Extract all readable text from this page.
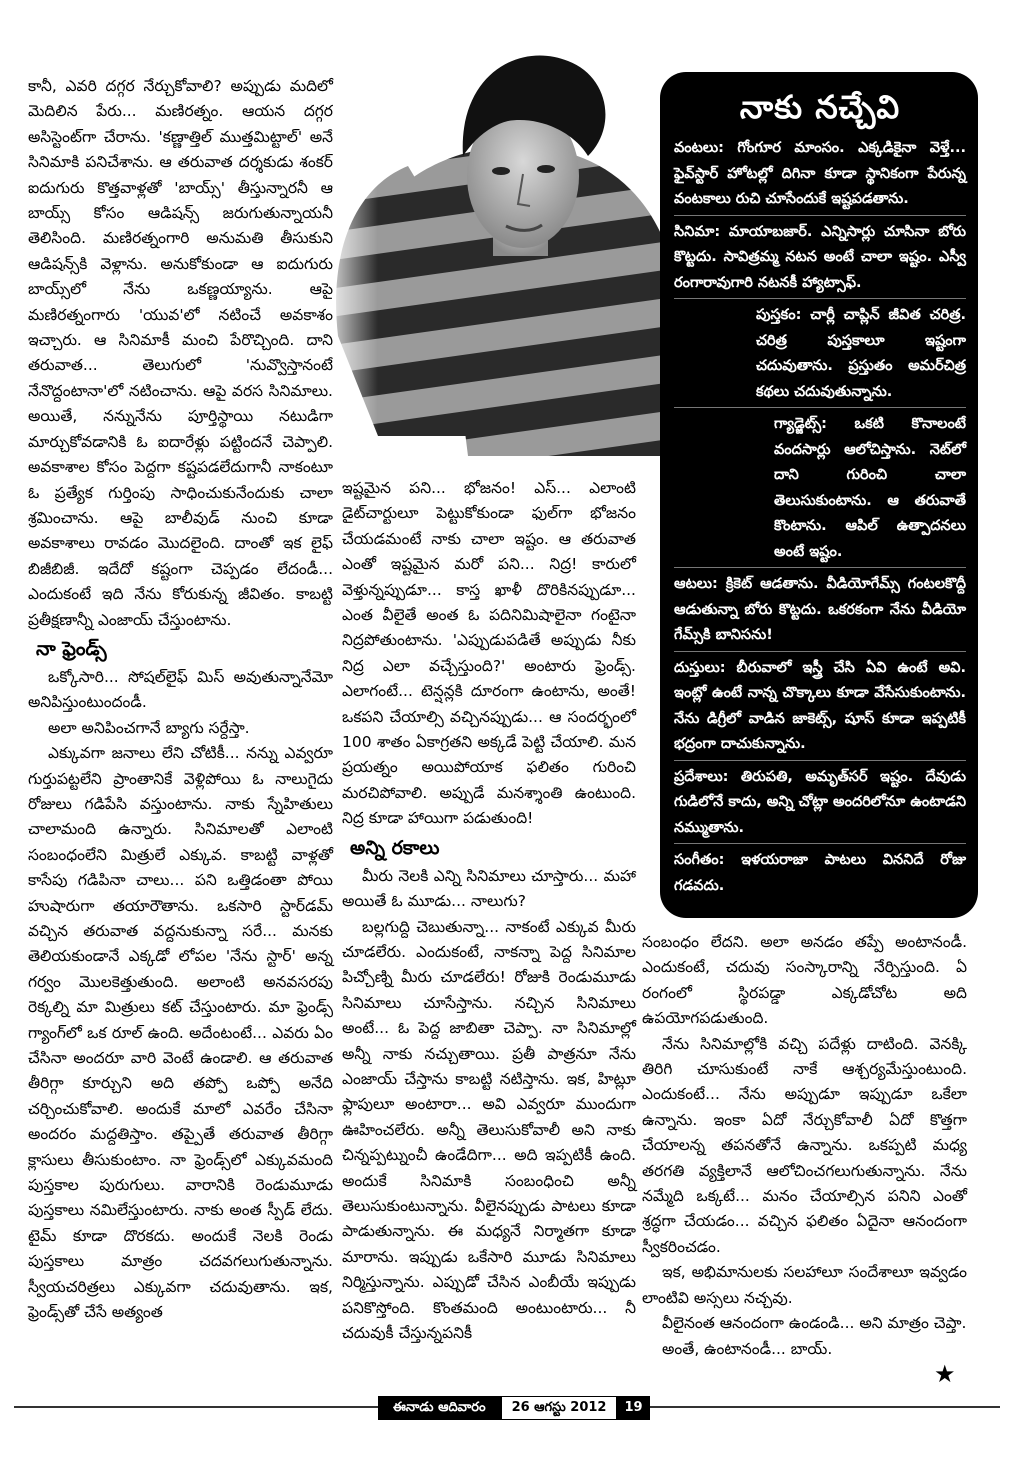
నాకు నచ్చేవి
వంటలు: గోంగూర మాంసం. ఎక్కడికైనా వెళ్తే... ఫైవ్‌స్టార్ హోటల్లో దిగినా కూడా స్థానికంగా పేరున్న వంటకాలు రుచి చూసేందుకే ఇష్టపడతాను.
సినిమా: మాయాబజార్. ఎన్నిసార్లు చూసినా బోరు కొట్టదు. సావిత్రమ్మ నటన అంటే చాలా ఇష్టం. ఎస్వీ రంగారావుగారి నటనకీ హ్యాట్సాఫ్.
పుస్తకం: చార్లీ చాప్లిన్ జీవిత చరిత్ర. చరిత్ర పుస్తకాలూ ఇష్టంగా చదువుతాను. ప్రస్తుతం అమర్‌చిత్ర కథలు చదువుతున్నాను.
గ్యాడ్జెట్స్: ఒకటి కొనాలంటే వందసార్లు ఆలోచిస్తాను. నెట్‌లో దాని గురించి చాలా తెలుసుకుంటాను. ఆ తరువాతే కొంటాను. ఆపిల్ ఉత్పాదనలు అంటే ఇష్టం.
ఆటలు: క్రికెట్ ఆడతాను. వీడియోగేమ్స్ గంటలకొద్దీ ఆడుతున్నా బోరు కొట్టదు. ఒకరకంగా నేను వీడియో గేమ్స్‌కి బానిసను!
దుస్తులు: బీరువాలో ఇస్త్రీ చేసి ఏవి ఉంటే అవి. ఇంట్లో ఉంటే నాన్న చొక్కాలు కూడా వేసేసుకుంటాను. నేను డిగ్రీలో వాడిన జాకెట్స్, షూస్ కూడా ఇప్పటికీ భద్రంగా దాచుకున్నాను.
ప్రదేశాలు: తిరుపతి, అమృత్‌సర్ ఇష్టం. దేవుడు గుడిలోనే కాదు, అన్ని చోట్లా అందరిలోనూ ఉంటాడని నమ్ముతాను.
సంగీతం: ఇళయరాజా పాటలు విననిదే రోజు గడవదు.

కానీ, ఎవరి దగ్గర నేర్చుకోవాలి? అప్పుడు మదిలో మెదిలిన పేరు... మణిరత్నం. ఆయన దగ్గర అసిస్టెంట్‌గా చేరాను. 'కణ్ణాత్తిల్ ముత్తమిట్టాల్' అనే సినిమాకి పనిచేశాను. ఆ తరువాత దర్శకుడు శంకర్ ఐదుగురు కొత్తవాళ్లతో 'బాయ్స్' తీస్తున్నారనీ ఆ బాయ్స్ కోసం ఆడిషన్స్ జరుగుతున్నాయనీ తెలిసింది. మణిరత్నంగారి అనుమతి తీసుకుని ఆడిషన్స్‌కి వెళ్లాను. అనుకోకుండా ఆ ఐదుగురు బాయ్స్‌లో నేను ఒకణ్ణయ్యాను. ఆపై మణిరత్నంగారు 'యువ'లో నటించే అవకాశం ఇచ్చారు. ఆ సినిమాకీ మంచి పేరొచ్చింది. దాని తరువాత... తెలుగులో 'నువ్వొస్తానంటే నేనొద్దంటానా'లో నటించాను. ఆపై వరస సినిమాలు. అయితే, నన్నునేను పూర్తిస్థాయి నటుడిగా మార్చుకోవడానికి ఓ ఐదారేళ్లు పట్టిందనే చెప్పాలి. అవకాశాల కోసం పెద్దగా కష్టపడలేదుగానీ నాకంటూ ఓ ప్రత్యేక గుర్తింపు సాధించుకునేందుకు చాలా శ్రమించాను. ఆపై బాలీవుడ్ నుంచి కూడా అవకాశాలు రావడం మొదలైంది. దాంతో ఇక లైఫ్ బిజీబిజీ. ఇదేదో కష్టంగా చెప్పడం లేదండీ... ఎందుకంటే ఇది నేను కోరుకున్న జీవితం. కాబట్టి ప్రతీక్షణాన్నీ ఎంజాయ్ చేస్తుంటాను.

నా ఫ్రెండ్స్

ఒక్కోసారి... సోషల్‌లైఫ్ మిస్ అవుతున్నానేమో అనిపిస్తుంటుందండీ.

అలా అనిపించగానే బ్యాగు సర్దేస్తా.

ఎక్కువగా జనాలు లేని చోటికీ... నన్ను ఎవ్వరూ గుర్తుపట్టలేని ప్రాంతానికే వెళ్లిపోయి ఓ నాలుగైదు రోజులు గడిపేసి వస్తుంటాను. నాకు స్నేహితులు చాలామంది ఉన్నారు. సినిమాలతో ఎలాంటి సంబంధంలేని మిత్రులే ఎక్కువ. కాబట్టి వాళ్లతో కాసేపు గడిపినా చాలు... పని ఒత్తిడంతా పోయి హుషారుగా తయారౌతాను. ఒకసారి స్టార్‌డమ్ వచ్చిన తరువాత వద్దనుకున్నా సరే... మనకు తెలియకుండానే ఎక్కడో లోపల 'నేను స్టార్' అన్న గర్వం మొలకెత్తుతుంది. అలాంటి అనవసరపు రెక్కల్ని మా మిత్రులు కట్ చేస్తుంటారు. మా ఫ్రెండ్స్ గ్యాంగ్‌లో ఒక రూల్ ఉంది. అదేంటంటే... ఎవరు ఏం చేసినా అందరూ వారి వెంటే ఉండాలి. ఆ తరువాత తీరిగ్గా కూర్చుని అది తప్పో ఒప్పో అనేది చర్చించుకోవాలి. అందుకే మాలో ఎవరేం చేసినా అందరం మద్దతిస్తాం. తప్పైతే తరువాత తీరిగ్గా క్లాసులు తీసుకుంటాం. నా ఫ్రెండ్స్‌లో ఎక్కువమంది పుస్తకాల పురుగులు. వారానికి రెండుమూడు పుస్తకాలు నమిలేస్తుంటారు. నాకు అంత స్పీడ్ లేదు. టైమ్ కూడా దొరకదు. అందుకే నెలకి రెండు పుస్తకాలు మాత్రం చదవగలుగుతున్నాను. స్వీయచరిత్రలు ఎక్కువగా చదువుతాను. ఇక, ఫ్రెండ్స్‌తో చేసే అత్యంత

ఇష్టమైన పని... భోజనం! ఎస్... ఎలాంటి డైట్‌చార్టులూ పెట్టుకోకుండా ఫుల్‌గా భోజనం చేయడమంటే నాకు చాలా ఇష్టం. ఆ తరువాత ఎంతో ఇష్టమైన మరో పని... నిద్ర! కారులో వెళ్తున్నప్పుడూ... కాస్త ఖాళీ దొరికినప్పుడూ... ఎంత వీలైతే అంత ఓ పదినిమిషాలైనా గంటైనా నిద్రపోతుంటాను. 'ఎప్పుడుపడితే అప్పుడు నీకు నిద్ర ఎలా వచ్చేస్తుంది?' అంటారు ఫ్రెండ్స్. ఎలాగంటే... టెన్షన్లకి దూరంగా ఉంటాను, అంతే! ఒకపని చేయాల్సి వచ్చినప్పుడు... ఆ సందర్భంలో 100 శాతం ఏకాగ్రతని అక్కడే పెట్టి చేయాలి. మన ప్రయత్నం అయిపోయాక ఫలితం గురించి మరచిపోవాలి. అప్పుడే మనశ్శాంతి ఉంటుంది. నిద్ర కూడా హాయిగా పడుతుంది!

అన్ని రకాలు

మీరు నెలకి ఎన్ని సినిమాలు చూస్తారు... మహా అయితే ఓ మూడు... నాలుగు?

బల్లగుద్ది చెబుతున్నా... నాకంటే ఎక్కువ మీరు చూడలేరు. ఎందుకంటే, నాకన్నా పెద్ద సినిమాల పిచ్చోణ్ని మీరు చూడలేరు! రోజుకి రెండుమూడు సినిమాలు చూసేస్తాను. నచ్చిన సినిమాలు అంటే... ఓ పెద్ద జాబితా చెప్పా. నా సినిమాల్లో అన్నీ నాకు నచ్చుతాయి. ప్రతీ పాత్రనూ నేను ఎంజాయ్ చేస్తాను కాబట్టి నటిస్తాను. ఇక, హిట్లూ ఫ్లాపులూ అంటారా... అవి ఎవ్వరూ ముందుగా ఊహించలేరు. అన్నీ తెలుసుకోవాలీ అని నాకు చిన్నప్పట్నుంచీ ఉండేదిగా... అది ఇప్పటికీ ఉంది. అందుకే సినిమాకి సంబంధించి అన్నీ తెలుసుకుంటున్నాను. వీలైనప్పుడు పాటలు కూడా పాడుతున్నాను. ఈ మధ్యనే నిర్మాతగా కూడా మారాను. ఇప్పుడు ఒకేసారి మూడు సినిమాలు నిర్మిస్తున్నాను. ఎప్పుడో చేసిన ఎంబీయే ఇప్పుడు పనికొస్తోంది. కొంతమంది అంటుంటారు... నీ చదువుకీ చేస్తున్నపనికీ

సంబంధం లేదని. అలా అనడం తప్పే అంటానండీ. ఎందుకంటే, చదువు సంస్కారాన్ని నేర్పిస్తుంది. ఏ రంగంలో స్థిరపడ్డా ఎక్కడోచోట అది ఉపయోగపడుతుంది.

నేను సినిమాల్లోకి వచ్చి పదేళ్లు దాటింది. వెనక్కి తిరిగి చూసుకుంటే నాకే ఆశ్చర్యమేస్తుంటుంది. ఎందుకంటే... నేను అప్పుడూ ఇప్పుడూ ఒకేలా ఉన్నాను. ఇంకా ఏదో నేర్చుకోవాలీ ఏదో కొత్తగా చేయాలన్న తపనతోనే ఉన్నాను. ఒకప్పటి మధ్య తరగతి వ్యక్తిలానే ఆలోచించగలుగుతున్నాను. నేను నమ్మేది ఒక్కటే... మనం చేయాల్సిన పనిని ఎంతో శ్రద్ధగా చేయడం... వచ్చిన ఫలితం ఏదైనా ఆనందంగా స్వీకరించడం.

ఇక, అభిమానులకు సలహాలూ సందేశాలూ ఇవ్వడం లాంటివి అస్సలు నచ్చవు.

వీలైనంత ఆనందంగా ఉండండి... అని మాత్రం చెప్తా.

అంతే, ఉంటానండీ... బాయ్.

★
ఈనాడు ఆదివారం	26 ఆగస్టు 2012	19
